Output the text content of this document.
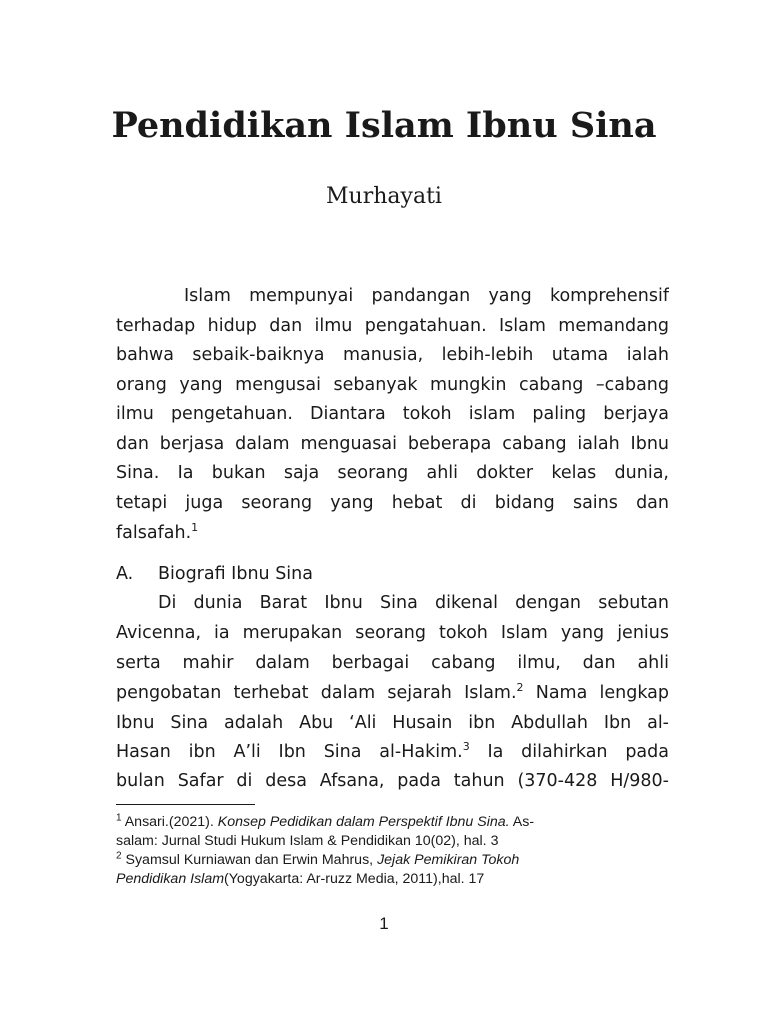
Pendidikan Islam Ibnu Sina
Murhayati
Islam mempunyai pandangan yang komprehensif
terhadap hidup dan ilmu pengatahuan. Islam memandang
bahwa sebaik-baiknya manusia, lebih-lebih utama ialah
orang yang mengusai sebanyak mungkin cabang –cabang
ilmu pengetahuan. Diantara tokoh islam paling berjaya
dan berjasa dalam menguasai beberapa cabang ialah Ibnu
Sina. Ia bukan saja seorang ahli dokter kelas dunia,
tetapi juga seorang yang hebat di bidang sains dan
falsafah.$^1$
A. Biografi Ibnu Sina
Di dunia Barat Ibnu Sina dikenal dengan sebutan
Avicenna, ia merupakan seorang tokoh Islam yang jenius
serta mahir dalam berbagai cabang ilmu, dan ahli
pengobatan terhebat dalam sejarah Islam.$^2$ Nama lengkap
Ibnu Sina adalah Abu ‘Ali Husain ibn Abdullah Ibn al-
Hasan ibn A’li Ibn Sina al-Hakim.$^3$ Ia dilahirkan pada
bulan Safar di desa Afsana, pada tahun (370-428 H/980-
$^1$ Ansari.(2021). Konsep Pedidikan dalam Perspektif Ibnu Sina. As-
salam: Jurnal Studi Hukum Islam & Pendidikan 10(02), hal. 3
$^2$ Syamsul Kurniawan dan Erwin Mahrus, Jejak Pemikiran Tokoh
Pendidikan Islam(Yogyakarta: Ar-ruzz Media, 2011),hal. 17
1
